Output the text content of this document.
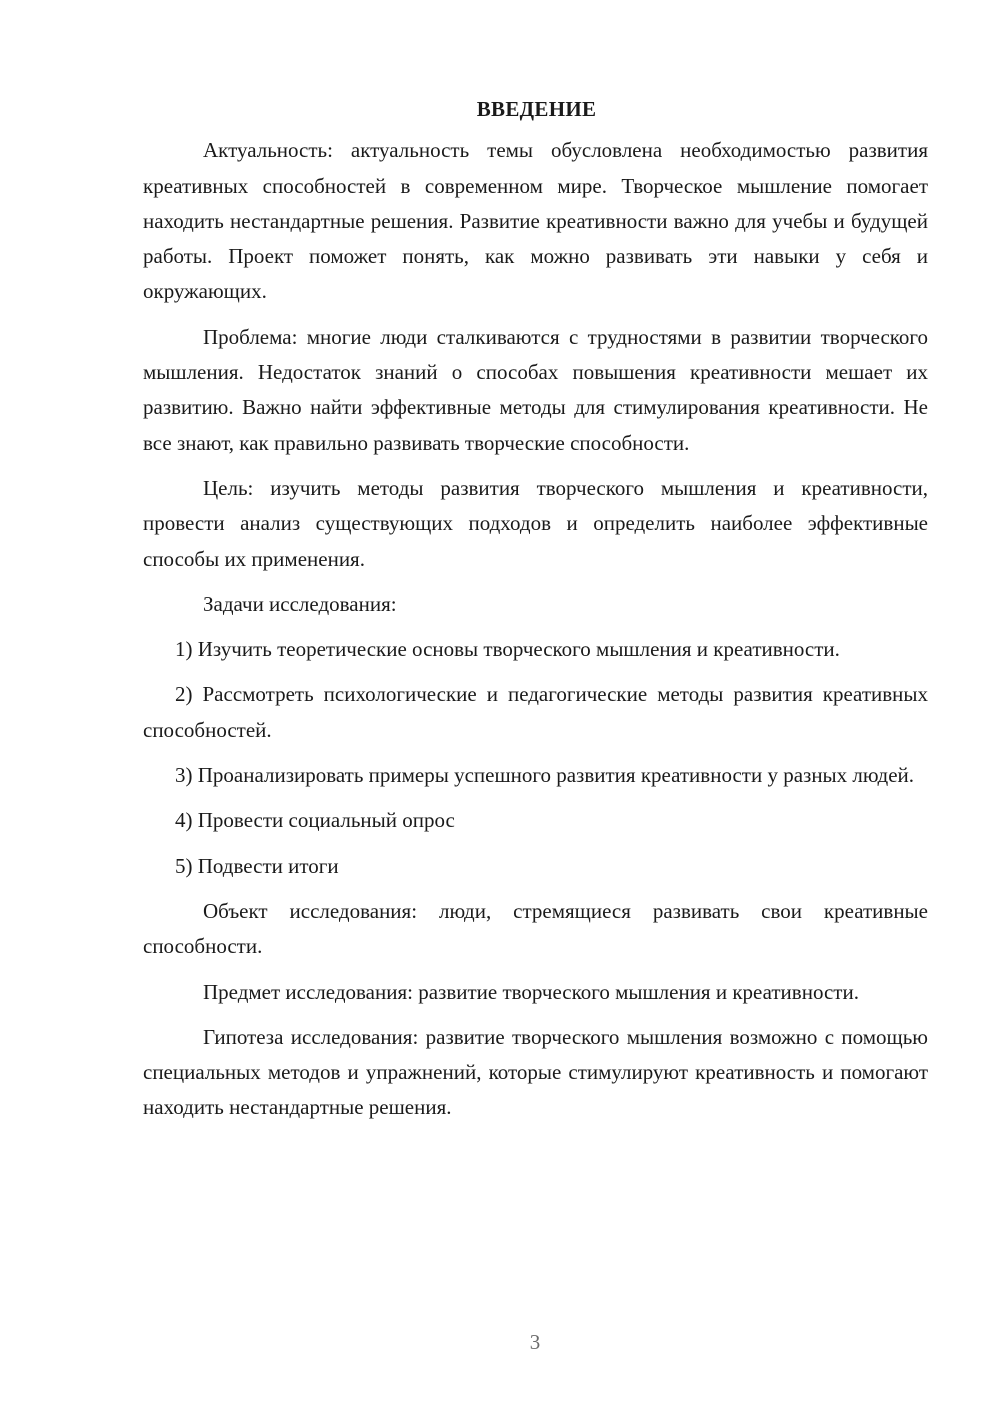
ВВЕДЕНИЕ

Актуальность: актуальность темы обусловлена необходимостью развития креативных способностей в современном мире. Творческое мышление помогает находить нестандартные решения. Развитие креативности важно для учебы и будущей работы. Проект поможет понять, как можно развивать эти навыки у себя и окружающих.

Проблема: многие люди сталкиваются с трудностями в развитии творческого мышления. Недостаток знаний о способах повышения креативности мешает их развитию. Важно найти эффективные методы для стимулирования креативности. Не все знают, как правильно развивать творческие способности.

Цель: изучить методы развития творческого мышления и креативности, провести анализ существующих подходов и определить наиболее эффективные способы их применения.

Задачи исследования:

1) Изучить теоретические основы творческого мышления и креативности.

2) Рассмотреть психологические и педагогические методы развития креативных способностей.

3) Проанализировать примеры успешного развития креативности у разных людей.

4) Провести социальный опрос

5) Подвести итоги

Объект исследования: люди, стремящиеся развивать свои креативные способности.

Предмет исследования: развитие творческого мышления и креативности.

Гипотеза исследования: развитие творческого мышления возможно с помощью специальных методов и упражнений, которые стимулируют креативность и помогают находить нестандартные решения.

3
